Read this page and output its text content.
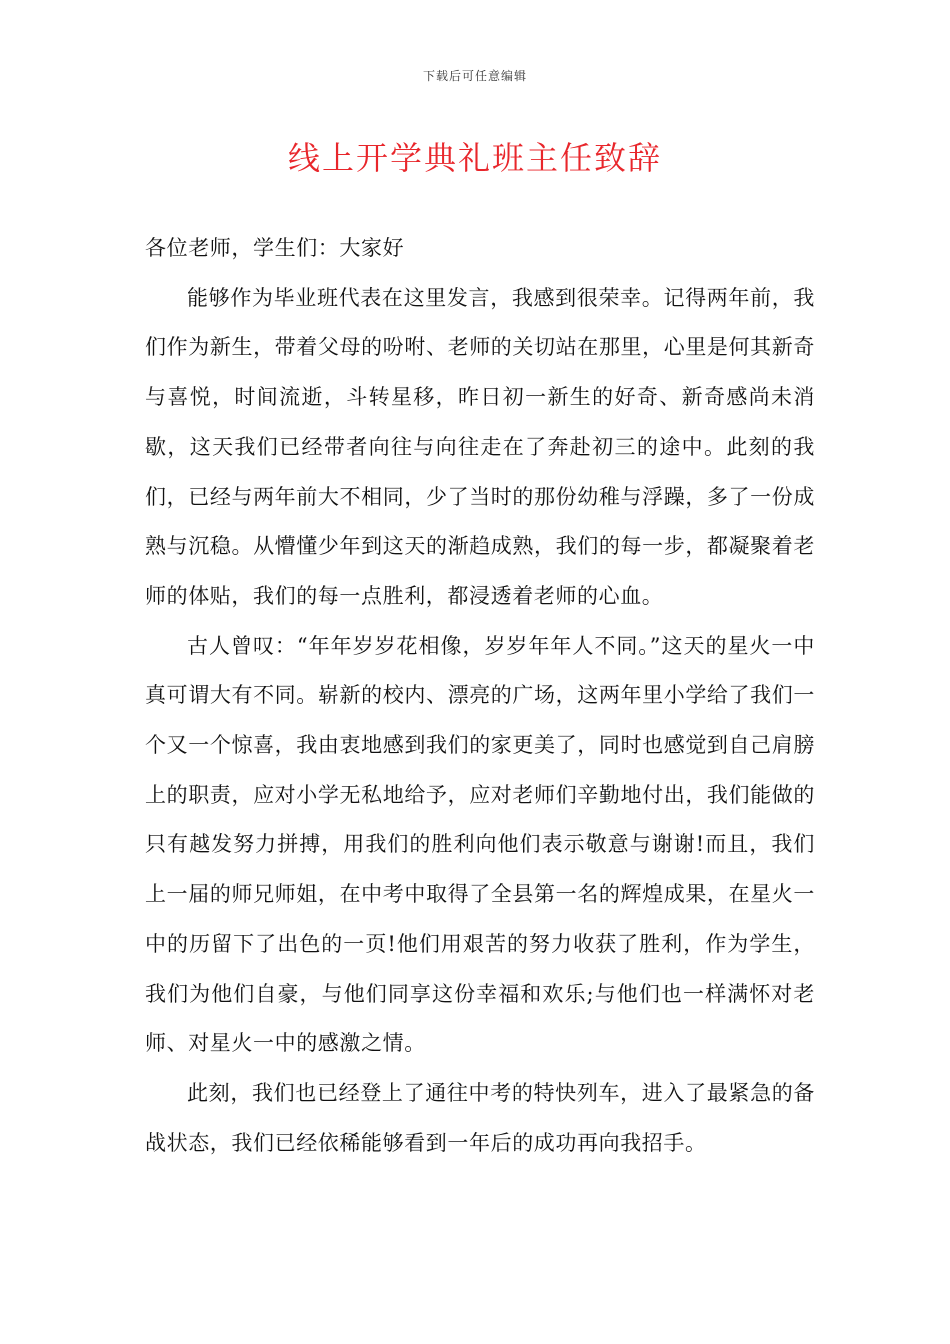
下载后可任意编辑
线上开学典礼班主任致辞

各位老师，学生们：大家好

能够作为毕业班代表在这里发言，我感到很荣幸。记得两年前，我们作为新生，带着父母的吩咐、老师的关切站在那里，心里是何其新奇与喜悦，时间流逝，斗转星移，昨日初一新生的好奇、新奇感尚未消歇，这天我们已经带者向往与向往走在了奔赴初三的途中。此刻的我们，已经与两年前大不相同，少了当时的那份幼稚与浮躁，多了一份成熟与沉稳。从懵懂少年到这天的渐趋成熟，我们的每一步，都凝聚着老师的体贴，我们的每一点胜利，都浸透着老师的心血。

古人曾叹：“年年岁岁花相像，岁岁年年人不同。”这天的星火一中真可谓大有不同。崭新的校内、漂亮的广场，这两年里小学给了我们一个又一个惊喜，我由衷地感到我们的家更美了，同时也感觉到自己肩膀上的职责，应对小学无私地给予，应对老师们辛勤地付出，我们能做的只有越发努力拼搏，用我们的胜利向他们表示敬意与谢谢!而且，我们上一届的师兄师姐，在中考中取得了全县第一名的辉煌成果，在星火一中的历留下了出色的一页!他们用艰苦的努力收获了胜利，作为学生，我们为他们自豪，与他们同享这份幸福和欢乐;与他们也一样满怀对老师、对星火一中的感激之情。

此刻，我们也已经登上了通往中考的特快列车，进入了最紧急的备战状态，我们已经依稀能够看到一年后的成功再向我招手。
